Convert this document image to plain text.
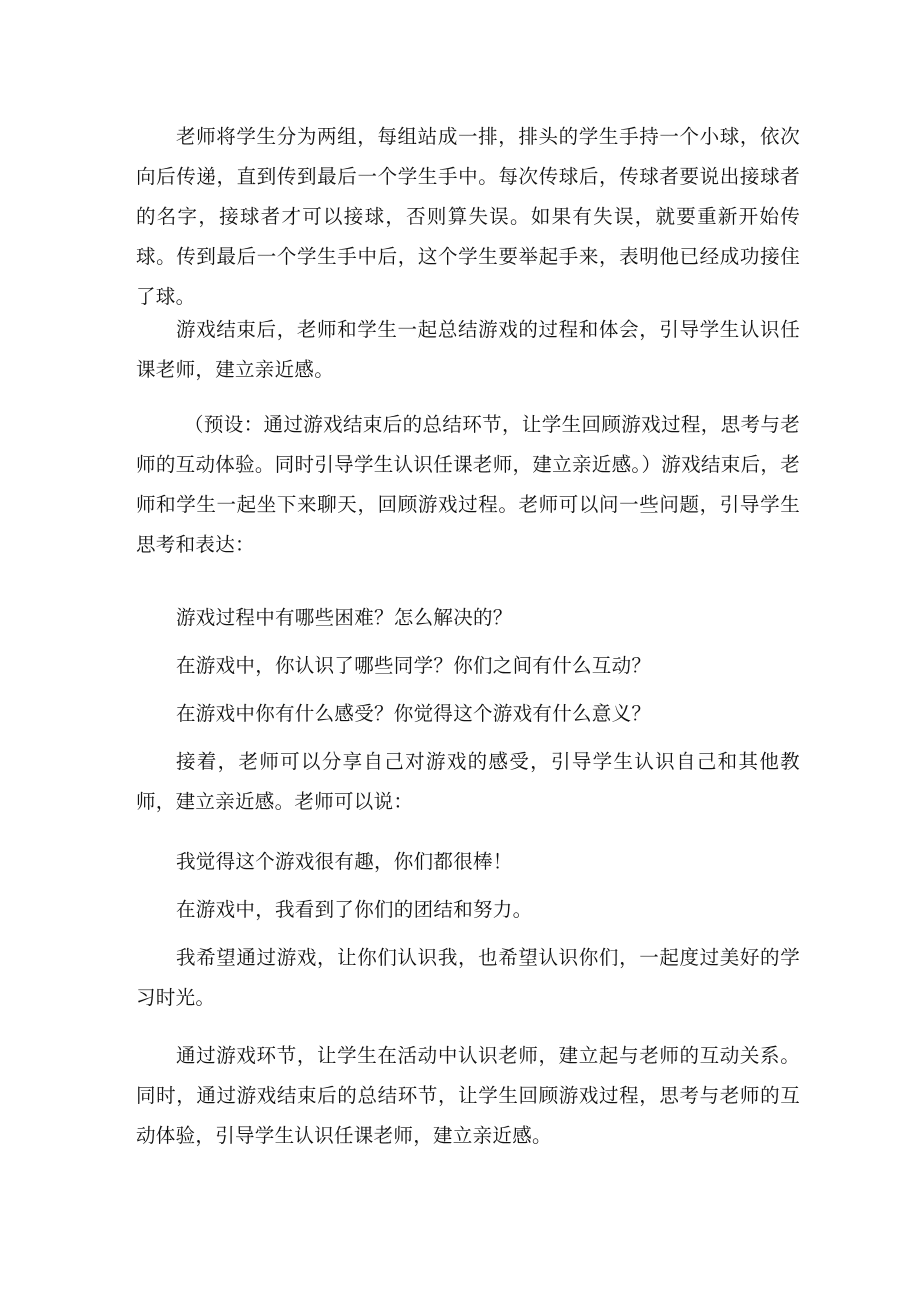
老师将学生分为两组，每组站成一排，排头的学生手持一个小球，依次向后传递，直到传到最后一个学生手中。每次传球后，传球者要说出接球者的名字，接球者才可以接球，否则算失误。如果有失误，就要重新开始传球。传到最后一个学生手中后，这个学生要举起手来，表明他已经成功接住了球。

游戏结束后，老师和学生一起总结游戏的过程和体会，引导学生认识任课老师，建立亲近感。

（预设：通过游戏结束后的总结环节，让学生回顾游戏过程，思考与老师的互动体验。同时引导学生认识任课老师，建立亲近感。）游戏结束后，老师和学生一起坐下来聊天，回顾游戏过程。老师可以问一些问题，引导学生思考和表达：

游戏过程中有哪些困难？怎么解决的？

在游戏中，你认识了哪些同学？你们之间有什么互动？

在游戏中你有什么感受？你觉得这个游戏有什么意义？

接着，老师可以分享自己对游戏的感受，引导学生认识自己和其他教师，建立亲近感。老师可以说：

我觉得这个游戏很有趣，你们都很棒！

在游戏中，我看到了你们的团结和努力。

我希望通过游戏，让你们认识我，也希望认识你们，一起度过美好的学习时光。

通过游戏环节，让学生在活动中认识老师，建立起与老师的互动关系。同时，通过游戏结束后的总结环节，让学生回顾游戏过程，思考与老师的互动体验，引导学生认识任课老师，建立亲近感。
